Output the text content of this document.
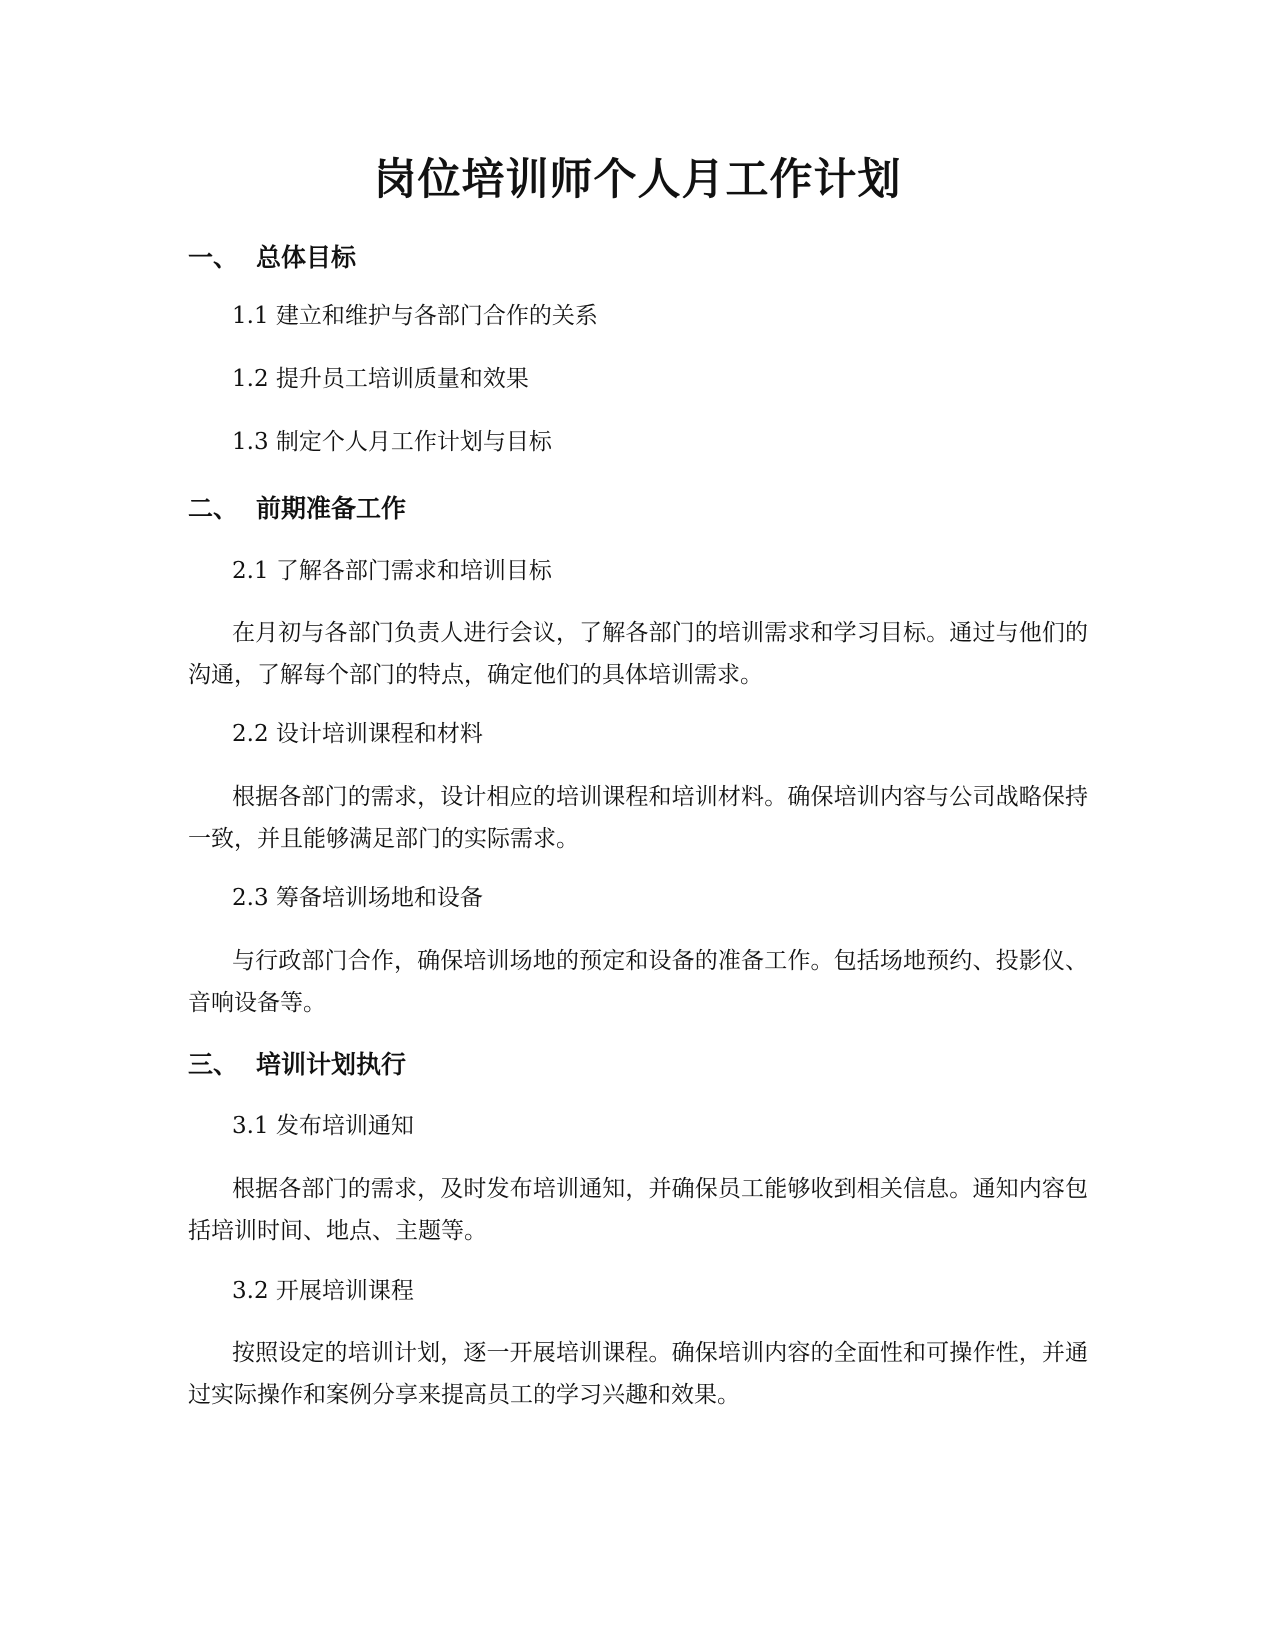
岗位培训师个人月工作计划
一、 总体目标
1.1 建立和维护与各部门合作的关系
1.2 提升员工培训质量和效果
1.3 制定个人月工作计划与目标
二、 前期准备工作
2.1 了解各部门需求和培训目标
在月初与各部门负责人进行会议，了解各部门的培训需求和学习目标。通过与他们的沟通，了解每个部门的特点，确定他们的具体培训需求。
2.2 设计培训课程和材料
根据各部门的需求，设计相应的培训课程和培训材料。确保培训内容与公司战略保持一致，并且能够满足部门的实际需求。
2.3 筹备培训场地和设备
与行政部门合作，确保培训场地的预定和设备的准备工作。包括场地预约、投影仪、音响设备等。
三、 培训计划执行
3.1 发布培训通知
根据各部门的需求，及时发布培训通知，并确保员工能够收到相关信息。通知内容包括培训时间、地点、主题等。
3.2 开展培训课程
按照设定的培训计划，逐一开展培训课程。确保培训内容的全面性和可操作性，并通过实际操作和案例分享来提高员工的学习兴趣和效果。
